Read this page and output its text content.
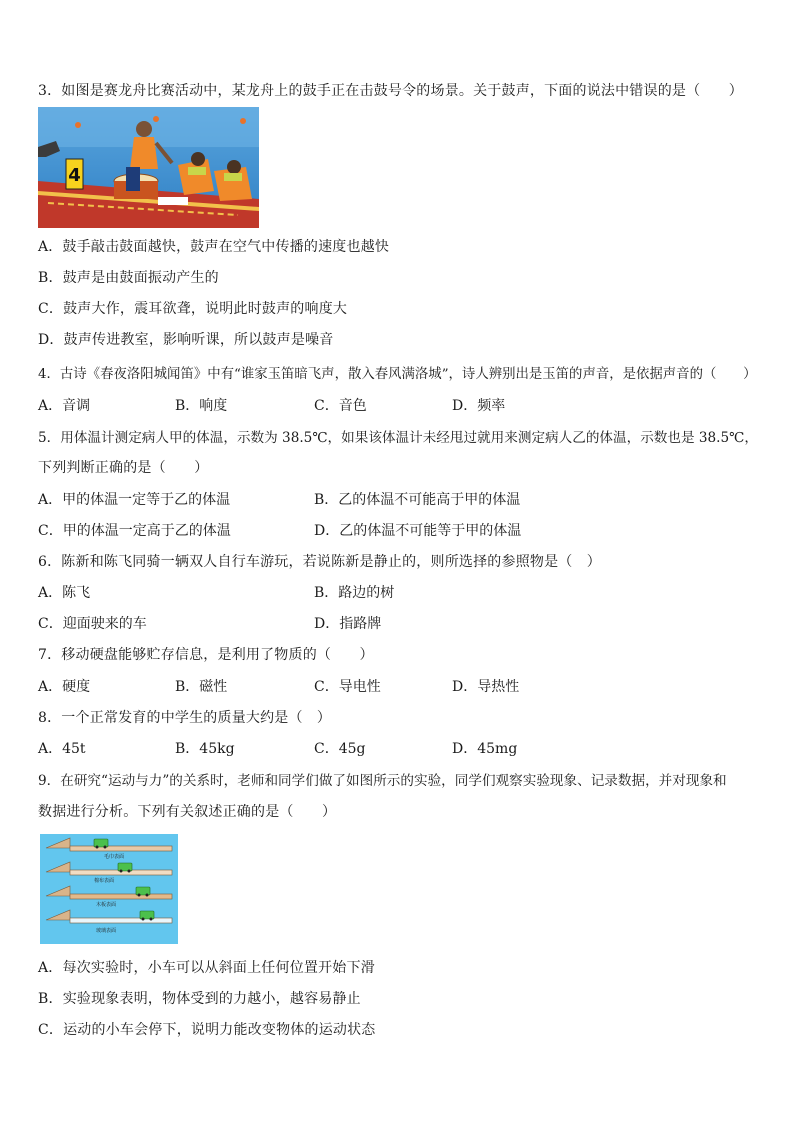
3．如图是赛龙舟比赛活动中，某龙舟上的鼓手正在击鼓号令的场景。关于鼓声，下面的说法中错误的是（　　）
4
A．鼓手敲击鼓面越快，鼓声在空气中传播的速度也越快
B．鼓声是由鼓面振动产生的
C．鼓声大作，震耳欲聋，说明此时鼓声的响度大
D．鼓声传进教室，影响听课，所以鼓声是噪音
4．古诗《春夜洛阳城闻笛》中有“谁家玉笛暗飞声，散入春风满洛城”，诗人辨别出是玉笛的声音，是依据声音的（　　）
A．音调	B．响度	C．音色	D．频率
5．用体温计测定病人甲的体温，示数为 38.5℃，如果该体温计未经甩过就用来测定病人乙的体温，示数也是 38.5℃，
下列判断正确的是（　　）
A．甲的体温一定等于乙的体温	B．乙的体温不可能高于甲的体温
C．甲的体温一定高于乙的体温	D．乙的体温不可能等于甲的体温
6．陈新和陈飞同骑一辆双人自行车游玩，若说陈新是静止的，则所选择的参照物是（　）
A．陈飞	B．路边的树
C．迎面驶来的车	D．指路牌
7．移动硬盘能够贮存信息，是利用了物质的（　　）
A．硬度	B．磁性	C．导电性	D．导热性
8．一个正常发育的中学生的质量大约是（　）
A．45t	B．45kg	C．45g	D．45mg
9．在研究“运动与力”的关系时，老师和同学们做了如图所示的实验，同学们观察实验现象、记录数据，并对现象和
数据进行分析。下列有关叙述正确的是（　　）
毛巾表面
棉布表面
木板表面
玻璃表面
A．每次实验时，小车可以从斜面上任何位置开始下滑
B．实验现象表明，物体受到的力越小，越容易静止
C．运动的小车会停下，说明力能改变物体的运动状态
